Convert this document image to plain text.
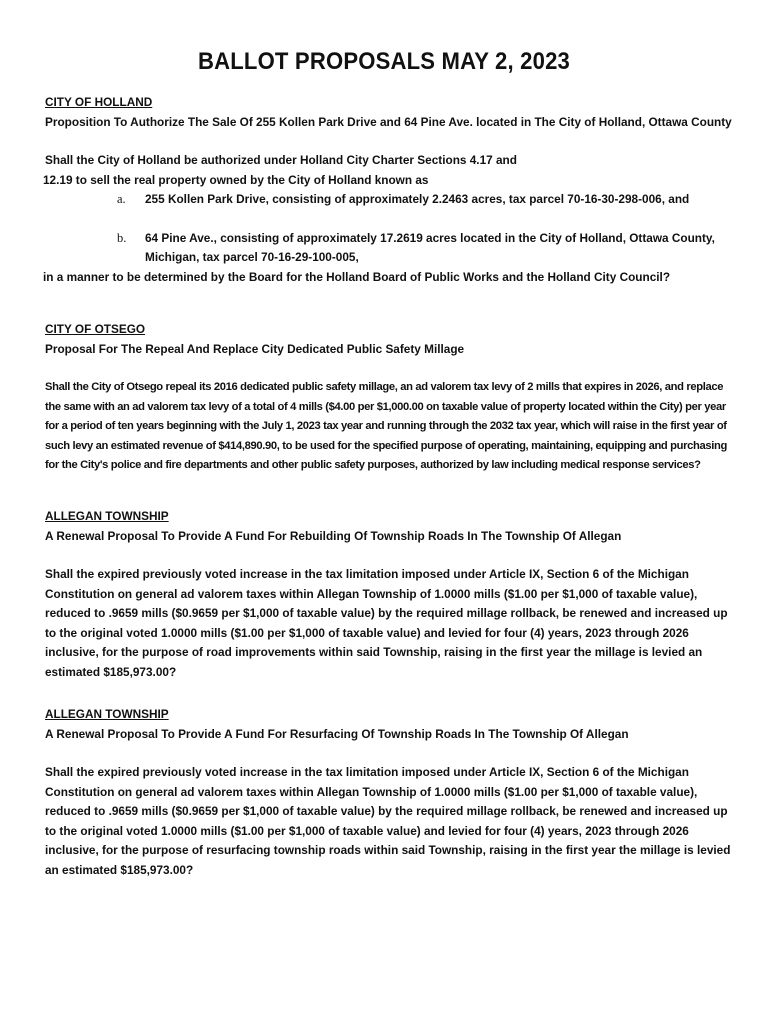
BALLOT PROPOSALS MAY 2, 2023
CITY OF HOLLAND

Proposition To Authorize The Sale Of 255 Kollen Park Drive and 64 Pine Ave. located in The City of Holland, Ottawa County

Shall the City of Holland be authorized under Holland City Charter Sections 4.17 and

12.19 to sell the real property owned by the City of Holland known as

a.	255 Kollen Park Drive, consisting of approximately 2.2463 acres, tax parcel 70-16-30-298-006, and
b.	64 Pine Ave., consisting of approximately 17.2619 acres located in the City of Holland, Ottawa County, Michigan, tax parcel 70-16-29-100-005,

in a manner to be determined by the Board for the Holland Board of Public Works and the Holland City Council?

CITY OF OTSEGO

Proposal For The Repeal And Replace City Dedicated Public Safety Millage

Shall the City of Otsego repeal its 2016 dedicated public safety millage, an ad valorem tax levy of 2 mills that expires in 2026, and replace the same with an ad valorem tax levy of a total of 4 mills ($4.00 per $1,000.00 on taxable value of property located within the City) per year for a period of ten years beginning with the July 1, 2023 tax year and running through the 2032 tax year, which will raise in the first year of such levy an estimated revenue of $414,890.90, to be used for the specified purpose of operating, maintaining, equipping and purchasing for the City's police and fire departments and other public safety purposes, authorized by law including medical response services?

ALLEGAN TOWNSHIP

A Renewal Proposal To Provide A Fund For Rebuilding Of Township Roads In The Township Of Allegan

Shall the expired previously voted increase in the tax limitation imposed under Article IX, Section 6 of the Michigan Constitution on general ad valorem taxes within Allegan Township of 1.0000 mills ($1.00 per $1,000 of taxable value), reduced to .9659 mills ($0.9659 per $1,000 of taxable value) by the required millage rollback, be renewed and increased up to the original voted 1.0000 mills ($1.00 per $1,000 of taxable value) and levied for four (4) years, 2023 through 2026 inclusive, for the purpose of road improvements within said Township, raising in the first year the millage is levied an estimated $185,973.00?

ALLEGAN TOWNSHIP

A Renewal Proposal To Provide A Fund For Resurfacing Of Township Roads In The Township Of Allegan

Shall the expired previously voted increase in the tax limitation imposed under Article IX, Section 6 of the Michigan Constitution on general ad valorem taxes within Allegan Township of 1.0000 mills ($1.00 per $1,000 of taxable value), reduced to .9659 mills ($0.9659 per $1,000 of taxable value) by the required millage rollback, be renewed and increased up to the original voted 1.0000 mills ($1.00 per $1,000 of taxable value) and levied for four (4) years, 2023 through 2026 inclusive, for the purpose of resurfacing township roads within said Township, raising in the first year the millage is levied an estimated $185,973.00?
